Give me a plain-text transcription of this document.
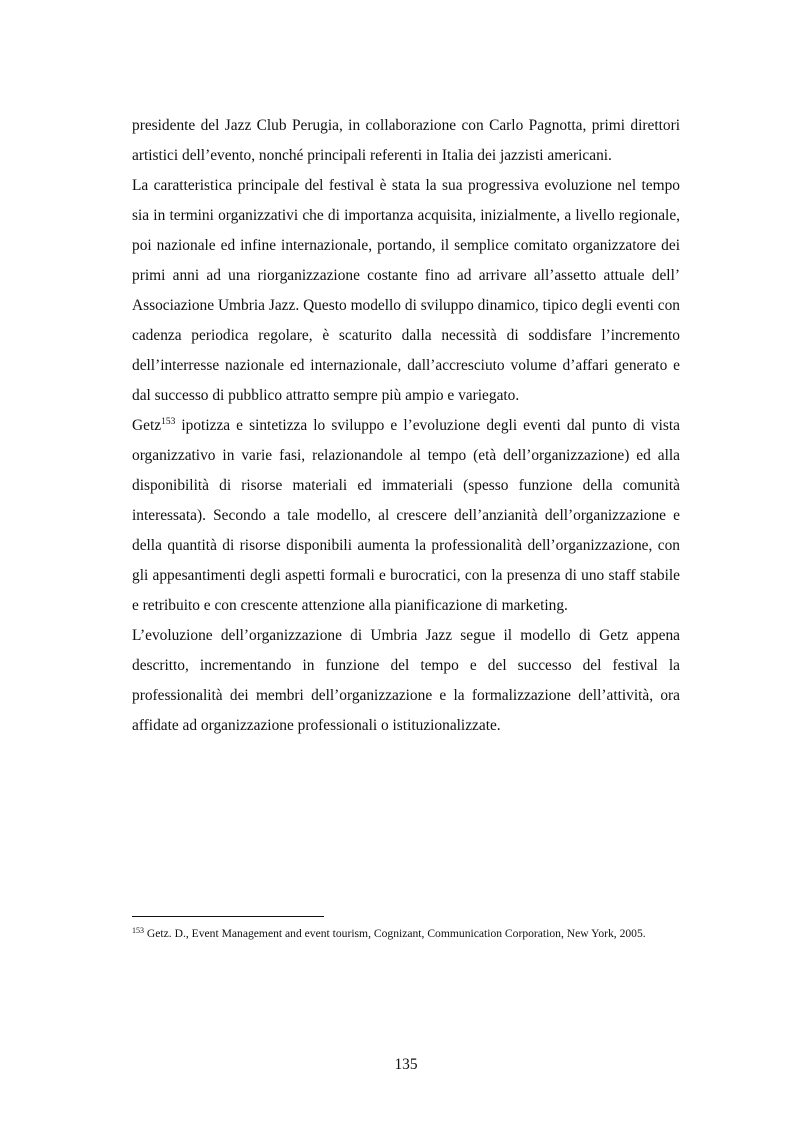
presidente del Jazz Club Perugia, in collaborazione con Carlo Pagnotta, primi direttori artistici dell’evento, nonché principali referenti in Italia dei jazzisti americani.

La caratteristica principale del festival è stata la sua progressiva evoluzione nel tempo sia in termini organizzativi che di importanza acquisita, inizialmente, a livello regionale, poi nazionale ed infine internazionale, portando, il semplice comitato organizzatore dei primi anni ad una riorganizzazione costante fino ad arrivare all’assetto attuale dell’ Associazione Umbria Jazz. Questo modello di sviluppo dinamico, tipico degli eventi con cadenza periodica regolare, è scaturito dalla necessità di soddisfare l’incremento dell’interresse nazionale ed internazionale, dall’accresciuto volume d’affari generato e dal successo di pubblico attratto sempre più ampio e variegato.

Getz$^{153}$ ipotizza e sintetizza lo sviluppo e l’evoluzione degli eventi dal punto di vista organizzativo in varie fasi, relazionandole al tempo (età dell’organizzazione) ed alla disponibilità di risorse materiali ed immateriali (spesso funzione della comunità interessata). Secondo a tale modello, al crescere dell’anzianità dell’organizzazione e della quantità di risorse disponibili aumenta la professionalità dell’organizzazione, con gli appesantimenti degli aspetti formali e burocratici, con la presenza di uno staff stabile e retribuito e con crescente attenzione alla pianificazione di marketing.

L’evoluzione dell’organizzazione di Umbria Jazz segue il modello di Getz appena descritto, incrementando in funzione del tempo e del successo del festival la professionalità dei membri dell’organizzazione e la formalizzazione dell’attività, ora affidate ad organizzazione professionali o istituzionalizzate.

$^{153}$ Getz. D., Event Management and event tourism, Cognizant, Communication Corporation, New York, 2005.
135
